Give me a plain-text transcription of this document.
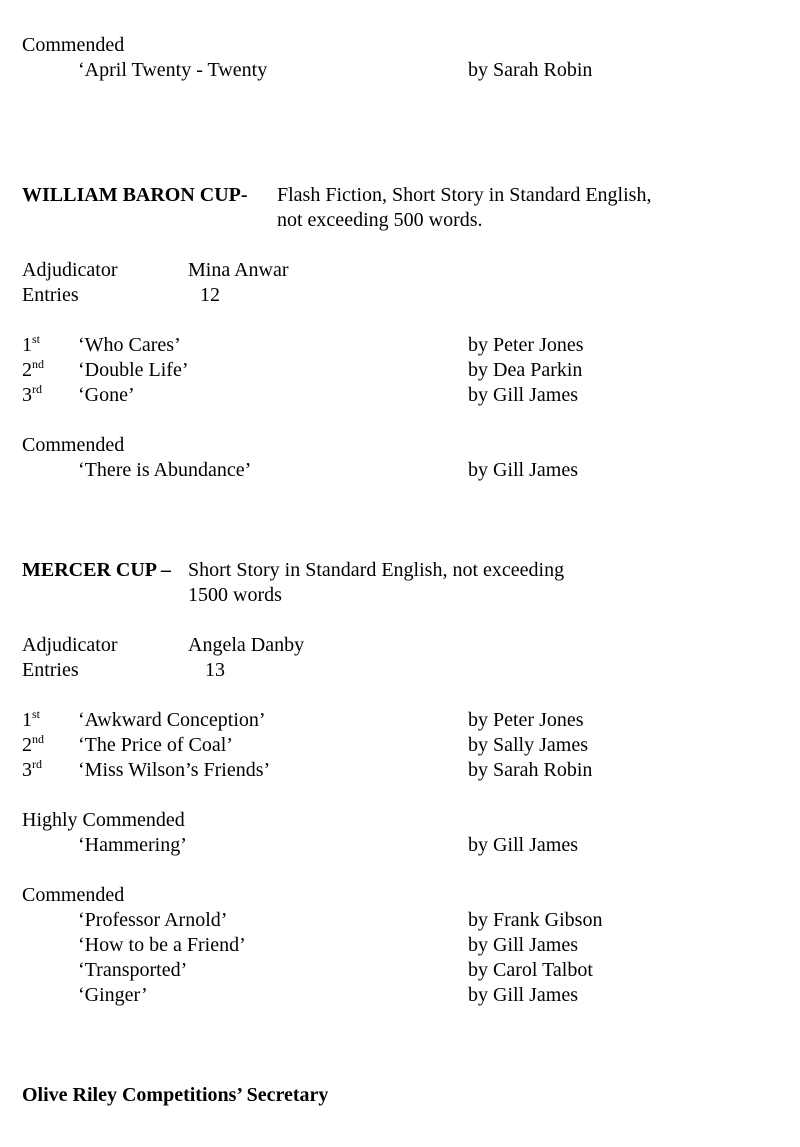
Commended
‘April Twenty - Twenty	by Sarah Robin
WILLIAM BARON CUP- Flash Fiction, Short Story in Standard English,
not exceeding 500 words.
Adjudicator	Mina Anwar
Entries	12
1st ‘Who Cares’	by Peter Jones
2nd ‘Double Life’	by Dea Parkin
3rd ‘Gone’	by Gill James
Commended
‘There is Abundance’	by Gill James
MERCER CUP – Short Story in Standard English, not exceeding
1500 words
Adjudicator	Angela Danby
Entries	13
1st ‘Awkward Conception’	by Peter Jones
2nd ‘The Price of Coal’	by Sally James
3rd ‘Miss Wilson’s Friends’	by Sarah Robin
Highly Commended
‘Hammering’	by Gill James
Commended
‘Professor Arnold’	by Frank Gibson
‘How to be a Friend’	by Gill James
‘Transported’	by Carol Talbot
‘Ginger’	by Gill James
Olive Riley Competitions’ Secretary
